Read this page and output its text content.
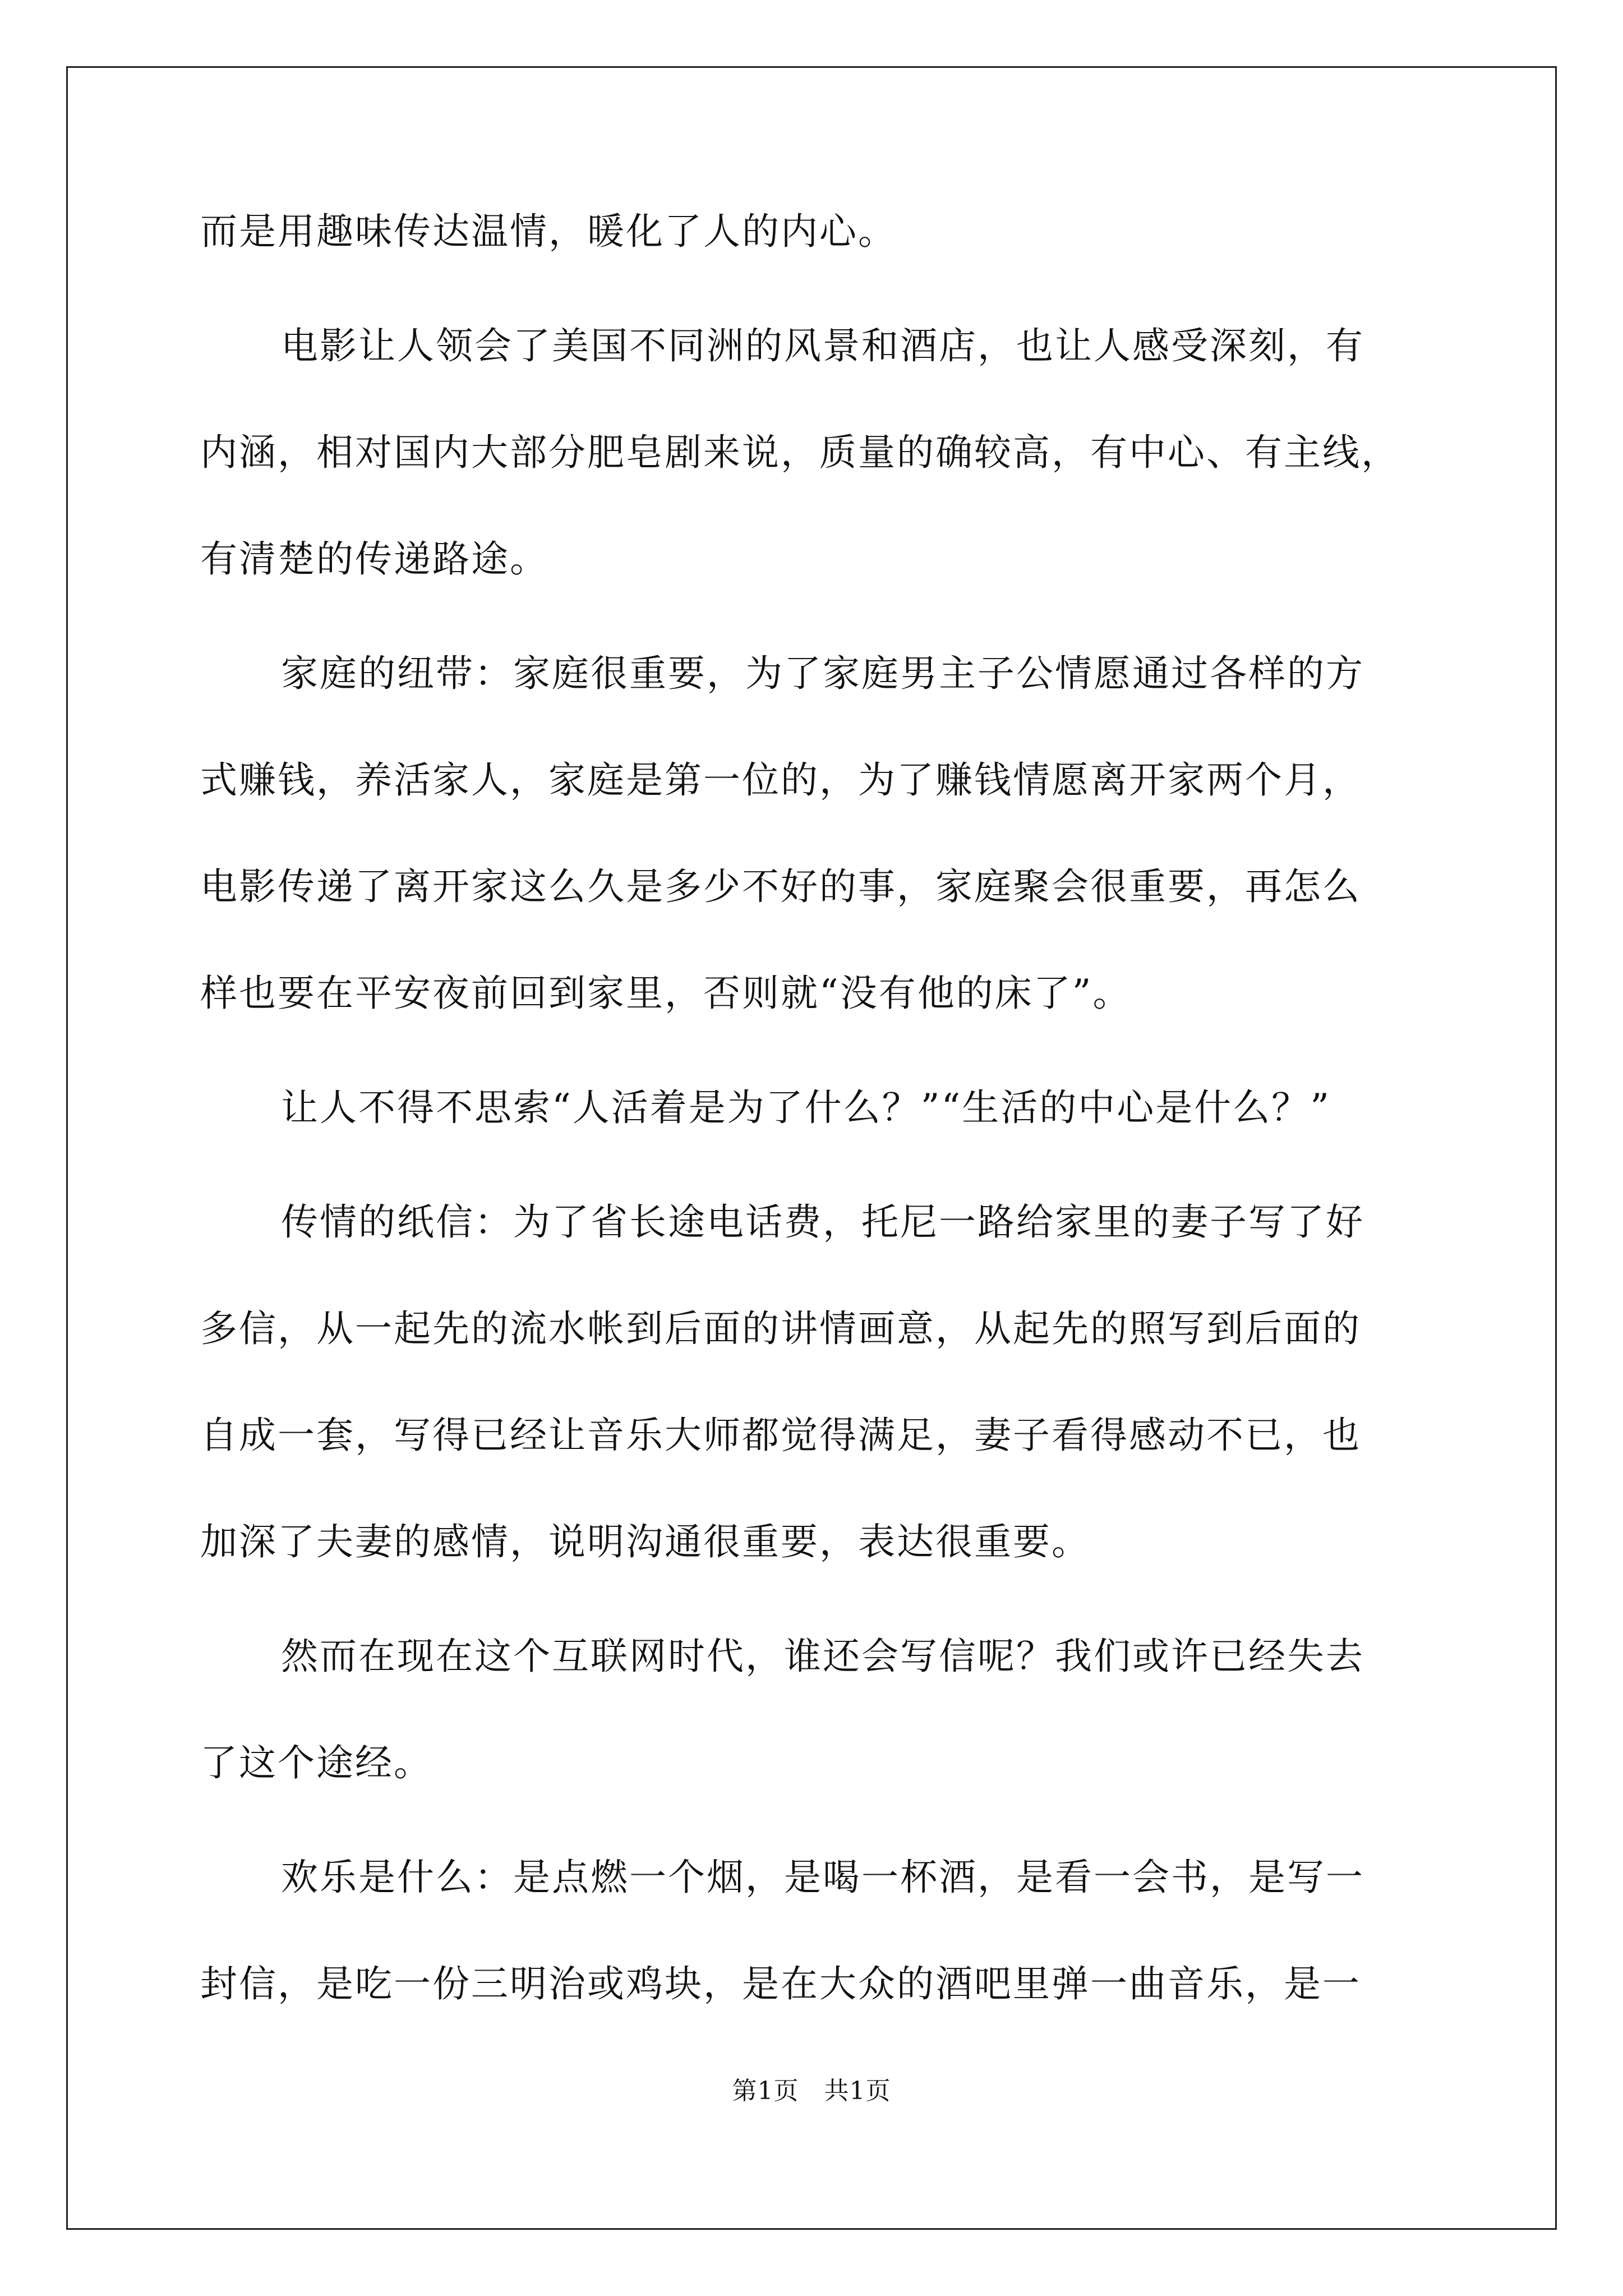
而是用趣味传达温情，暖化了人的内心。
电影让人领会了美国不同洲的风景和酒店，也让人感受深刻，有
内涵，相对国内大部分肥皂剧来说，质量的确较高，有中心、有主线，
有清楚的传递路途。
家庭的纽带：家庭很重要，为了家庭男主子公情愿通过各样的方
式赚钱，养活家人，家庭是第一位的，为了赚钱情愿离开家两个月，
电影传递了离开家这么久是多少不好的事，家庭聚会很重要，再怎么
样也要在平安夜前回到家里，否则就“没有他的床了”。
让人不得不思索“人活着是为了什么？”“生活的中心是什么？”
传情的纸信：为了省长途电话费，托尼一路给家里的妻子写了好
多信，从一起先的流水帐到后面的讲情画意，从起先的照写到后面的
自成一套，写得已经让音乐大师都觉得满足，妻子看得感动不已，也
加深了夫妻的感情，说明沟通很重要，表达很重要。
然而在现在这个互联网时代，谁还会写信呢？我们或许已经失去
了这个途经。
欢乐是什么：是点燃一个烟，是喝一杯酒，是看一会书，是写一
封信，是吃一份三明治或鸡块，是在大众的酒吧里弹一曲音乐，是一
第1页　共1页
